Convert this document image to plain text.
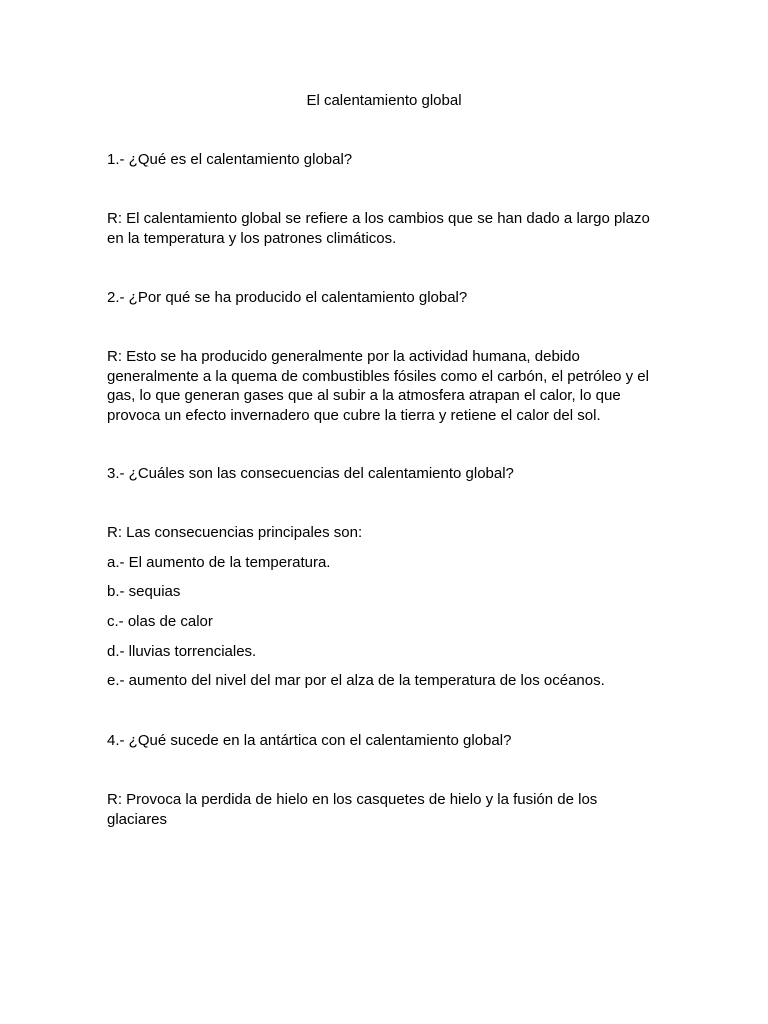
El calentamiento global
1.- ¿Qué es el calentamiento global?
R: El calentamiento global se refiere a los cambios que se han dado a largo plazo
en la temperatura y los patrones climáticos.
2.- ¿Por qué se ha producido el calentamiento global?
R: Esto se ha producido generalmente por la actividad humana, debido
generalmente a la quema de combustibles fósiles como el carbón, el petróleo y el
gas, lo que generan gases que al subir a la atmosfera atrapan el calor, lo que
provoca un efecto invernadero que cubre la tierra y retiene el calor del sol.
3.- ¿Cuáles son las consecuencias del calentamiento global?
R: Las consecuencias principales son:
a.- El aumento de la temperatura.
b.- sequias
c.- olas de calor
d.- lluvias torrenciales.
e.- aumento del nivel del mar por el alza de la temperatura de los océanos.
4.- ¿Qué sucede en la antártica con el calentamiento global?
R: Provoca la perdida de hielo en los casquetes de hielo y la fusión de los
glaciares
